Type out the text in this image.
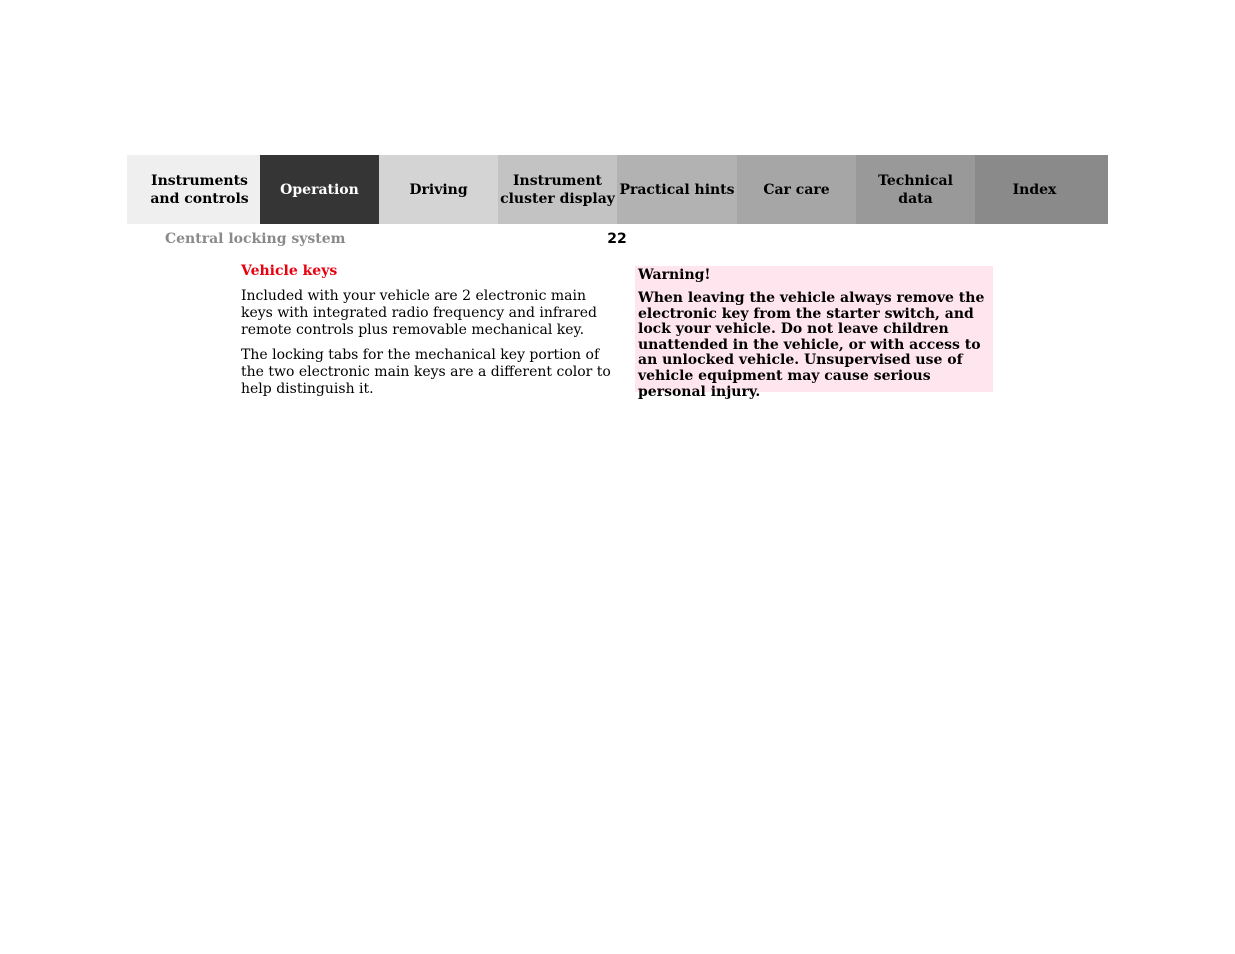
Instruments
and controls
Operation	Driving
Instrument
cluster display
Practical hints Car care
Technical
data
Index
Central locking system	22
Vehicle keys

Included with your vehicle are 2 electronic main keys with integrated radio frequency and infrared remote controls plus removable mechanical key.

The locking tabs for the mechanical key portion of the two electronic main keys are a different color to help distinguish it.

Warning!

When leaving the vehicle always remove the electronic key from the starter switch, and lock your vehicle. Do not leave children unattended in the vehicle, or with access to an unlocked vehicle. Unsupervised use of vehicle equipment may cause serious personal injury.
